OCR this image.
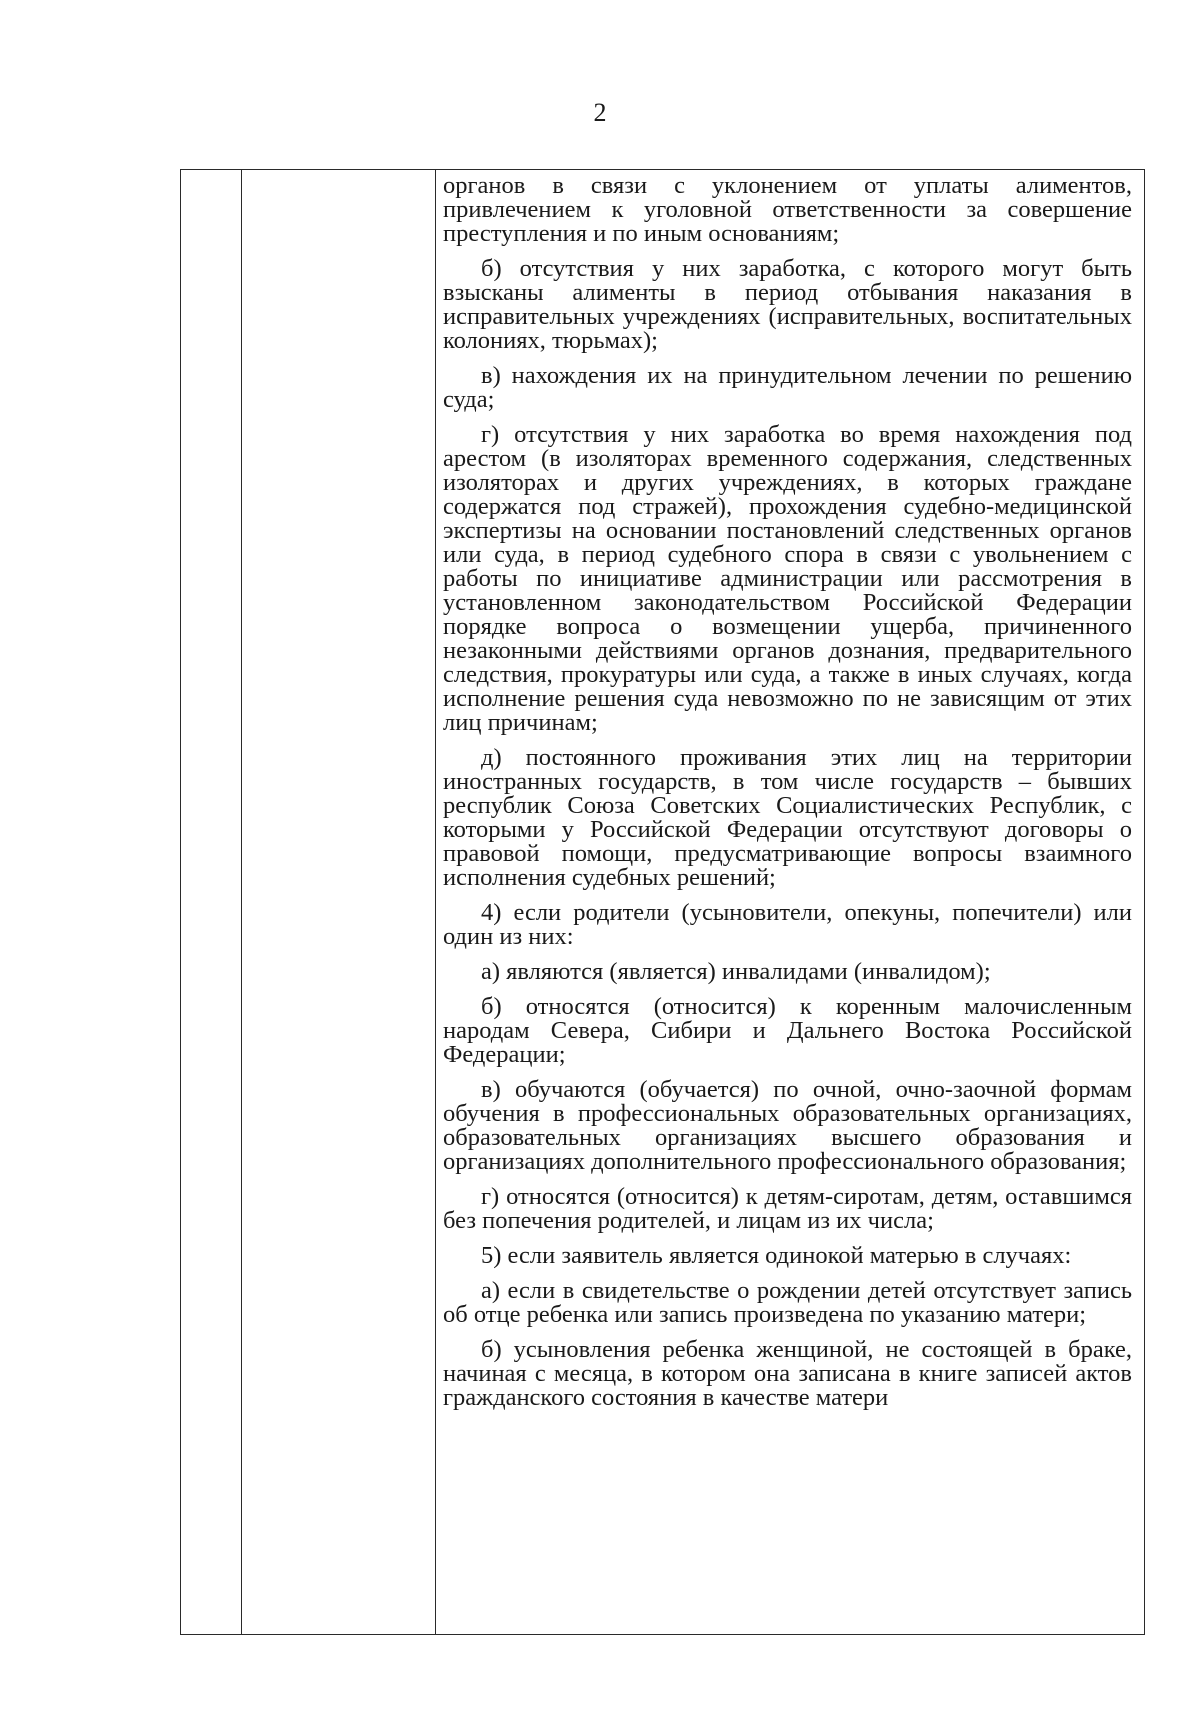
2

органов в связи с уклонением от уплаты алиментов, привлечением к уголовной ответственности за совершение преступления и по иным основаниям;

б) отсутствия у них заработка, с которого могут быть взысканы алименты в период отбывания наказания в исправительных учреждениях (исправительных, воспитательных колониях, тюрьмах);

в) нахождения их на принудительном лечении по решению суда;

г) отсутствия у них заработка во время нахождения под арестом (в изоляторах временного содержания, следственных изоляторах и других учреждениях, в которых граждане содержатся под стражей), прохождения судебно-медицинской экспертизы на основании постановлений следственных органов или суда, в период судебного спора в связи с увольнением с работы по инициативе администрации или рассмотрения в установленном законодательством Российской Федерации порядке вопроса о возмещении ущерба, причиненного незаконными действиями органов дознания, предварительного следствия, прокуратуры или суда, а также в иных случаях, когда исполнение решения суда невозможно по не зависящим от этих лиц причинам;

д) постоянного проживания этих лиц на территории иностранных государств, в том числе государств – бывших республик Союза Советских Социалистических Республик, с которыми у Российской Федерации отсутствуют договоры о правовой помощи, предусматривающие вопросы взаимного исполнения судебных решений;

4) если родители (усыновители, опекуны, попечители) или один из них:

а) являются (является) инвалидами (инвалидом);

б) относятся (относится) к коренным малочисленным народам Севера, Сибири и Дальнего Востока Российской Федерации;

в) обучаются (обучается) по очной, очно-заочной формам обучения в профессиональных образовательных организациях, образовательных организациях высшего образования и организациях дополнительного профессионального образования;

г) относятся (относится) к детям-сиротам, детям, оставшимся без попечения родителей, и лицам из их числа;

5) если заявитель является одинокой матерью в случаях:

а) если в свидетельстве о рождении детей отсутствует запись об отце ребенка или запись произведена по указанию матери;

б) усыновления ребенка женщиной, не состоящей в браке, начиная с месяца, в котором она записана в книге записей актов гражданского состояния в качестве матери
